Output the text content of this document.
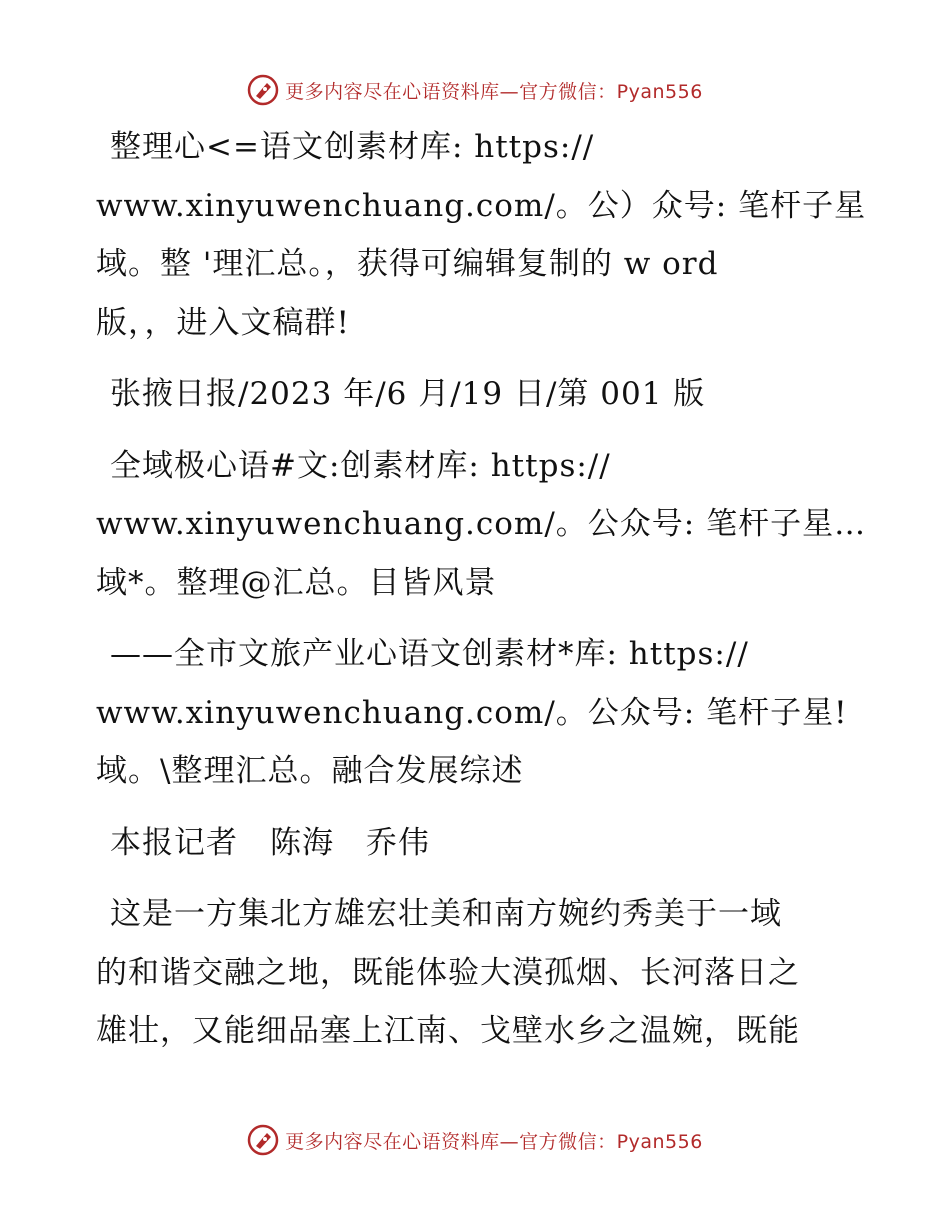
更多内容尽在心语资料库—官方微信：Pyan556

整理心<=语文创素材库: https://
www.xinyuwenchuang.com/。公）众号: 笔杆子星
域。整 '理汇总。，获得可编辑复制的 w ord
版，，进入文稿群!

张掖日报/2023 年/6 月/19 日/第 001 版

全域极心语#文:创素材库: https://
www.xinyuwenchuang.com/。公众号: 笔杆子星…
域*。整理@汇总。目皆风景

——全市文旅产业心语文创素材*库: https://
www.xinyuwenchuang.com/。公众号: 笔杆子星!
域。\整理汇总。融合发展综述

本报记者　陈海　乔伟

这是一方集北方雄宏壮美和南方婉约秀美于一域
的和谐交融之地，既能体验大漠孤烟、长河落日之
雄壮，又能细品塞上江南、戈壁水乡之温婉，既能

更多内容尽在心语资料库—官方微信：Pyan556
